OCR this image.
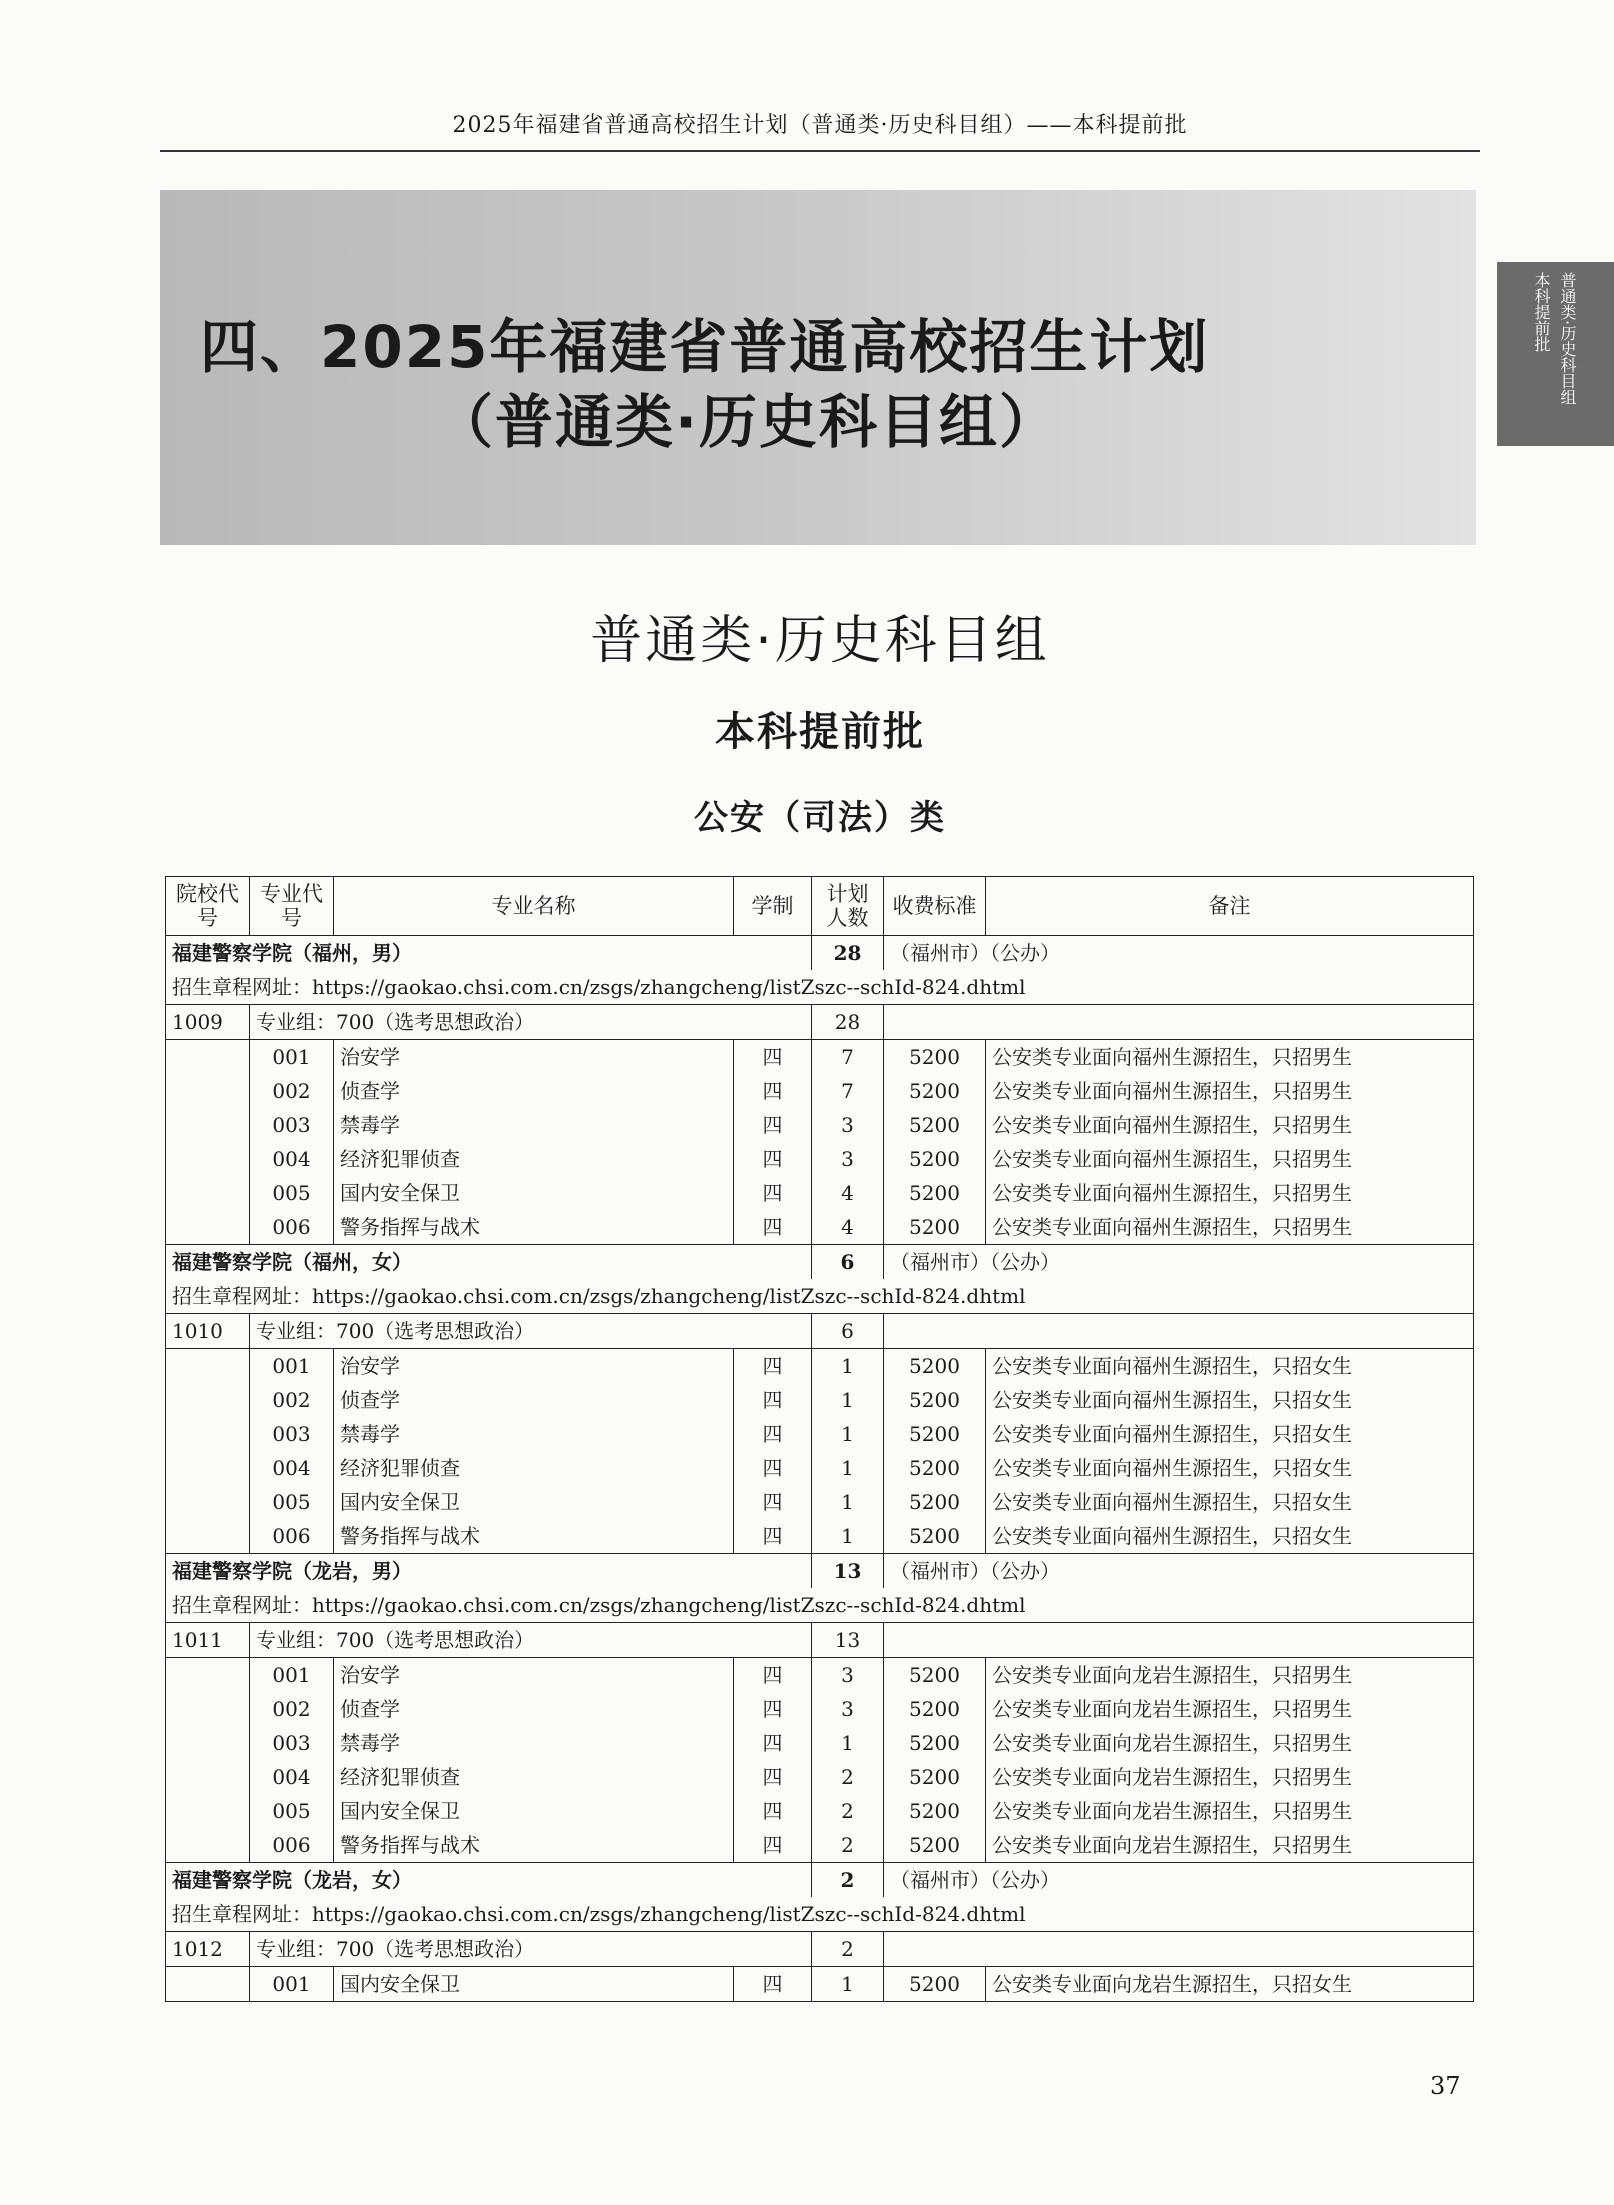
2025年福建省普通高校招生计划（普通类·历史科目组）——本科提前批
四、2025年福建省普通高校招生计划
（普通类·历史科目组）
普通类·历史科目组
本科提前批
普通类·历史科目组
本科提前批
公安（司法）类
院校代号	专业代号	专业名称	学制	计划人数	收费标准	备注
福建警察学院（福州，男）				28	（福州市）（公办）	
招生章程网址：https://gaokao.chsi.com.cn/zsgs/zhangcheng/listZszc--schId-824.dhtml						
1009	专业组：700（选考思想政治）			28		
	001	治安学	四	7	5200	公安类专业面向福州生源招生，只招男生
	002	侦查学	四	7	5200	公安类专业面向福州生源招生，只招男生
	003	禁毒学	四	3	5200	公安类专业面向福州生源招生，只招男生
	004	经济犯罪侦查	四	3	5200	公安类专业面向福州生源招生，只招男生
	005	国内安全保卫	四	4	5200	公安类专业面向福州生源招生，只招男生
	006	警务指挥与战术	四	4	5200	公安类专业面向福州生源招生，只招男生
福建警察学院（福州，女）				6	（福州市）（公办）	
招生章程网址：https://gaokao.chsi.com.cn/zsgs/zhangcheng/listZszc--schId-824.dhtml						
1010	专业组：700（选考思想政治）			6		
	001	治安学	四	1	5200	公安类专业面向福州生源招生，只招女生
	002	侦查学	四	1	5200	公安类专业面向福州生源招生，只招女生
	003	禁毒学	四	1	5200	公安类专业面向福州生源招生，只招女生
	004	经济犯罪侦查	四	1	5200	公安类专业面向福州生源招生，只招女生
	005	国内安全保卫	四	1	5200	公安类专业面向福州生源招生，只招女生
	006	警务指挥与战术	四	1	5200	公安类专业面向福州生源招生，只招女生
福建警察学院（龙岩，男）				13	（福州市）（公办）	
招生章程网址：https://gaokao.chsi.com.cn/zsgs/zhangcheng/listZszc--schId-824.dhtml						
1011	专业组：700（选考思想政治）			13		
	001	治安学	四	3	5200	公安类专业面向龙岩生源招生，只招男生
	002	侦查学	四	3	5200	公安类专业面向龙岩生源招生，只招男生
	003	禁毒学	四	1	5200	公安类专业面向龙岩生源招生，只招男生
	004	经济犯罪侦查	四	2	5200	公安类专业面向龙岩生源招生，只招男生
	005	国内安全保卫	四	2	5200	公安类专业面向龙岩生源招生，只招男生
	006	警务指挥与战术	四	2	5200	公安类专业面向龙岩生源招生，只招男生
福建警察学院（龙岩，女）				2	（福州市）（公办）	
招生章程网址：https://gaokao.chsi.com.cn/zsgs/zhangcheng/listZszc--schId-824.dhtml						
1012	专业组：700（选考思想政治）			2		
	001	国内安全保卫	四	1	5200	公安类专业面向龙岩生源招生，只招女生
37
